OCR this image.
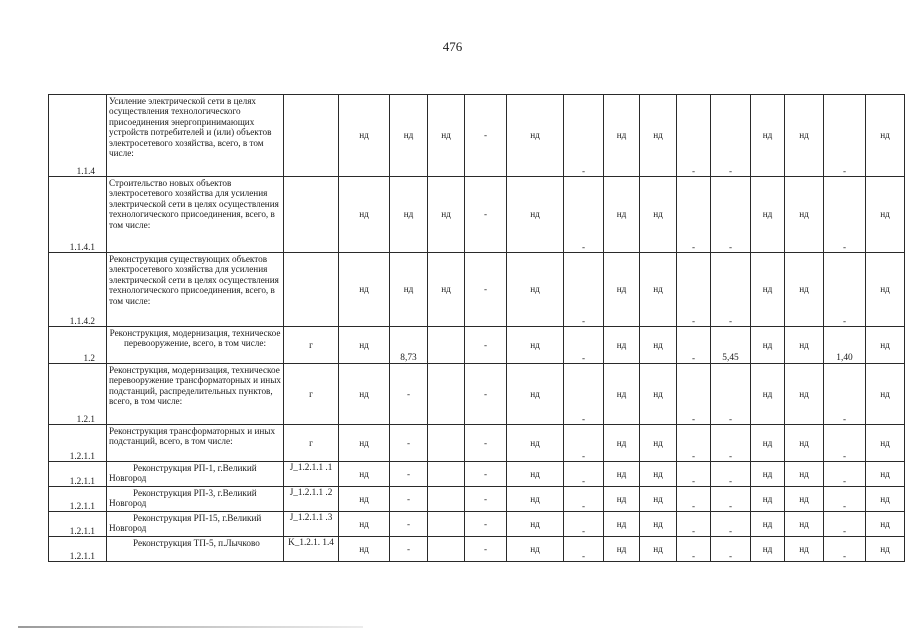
476
1.1.4	Усиление электрической сети в целях осуществления технологического присоединения энергопринимающих устройств потребителей и (или) объектов электросетевого хозяйства, всего, в том числе:		нд	нд	нд	-	нд	-	нд	нд	-	-	нд	нд	-	нд	
1.1.4.1	Строительство новых объектов электросетевого хозяйства для усиления электрической сети в целях осуществления технологического присоединения, всего, в том числе:		нд	нд	нд	-	нд	-	нд	нд	-	-	нд	нд	-	нд	
1.1.4.2	Реконструкция существующих объектов электросетевого хозяйства для усиления электрической сети в целях осуществления технологического присоединения, всего, в том числе:		нд	нд	нд	-	нд	-	нд	нд	-	-	нд	нд	-	нд	
1.2	Реконструкция, модернизация, техническое перевооружение, всего, в том числе:	г	нд	8,73		-	нд	-	нд	нд	-	5,45	нд	нд	1,40	нд	
1.2.1	Реконструкция, модернизация, техническое перевооружение трансформаторных и иных подстанций, распределительных пунктов, всего, в том числе:	г	нд	-		-	нд	-	нд	нд	-	-	нд	нд	-	нд	
1.2.1.1	Реконструкция трансформаторных и иных подстанций, всего, в том числе:	г	нд	-		-	нд	-	нд	нд	-	-	нд	нд	-	нд	
1.2.1.1	Реконструкция РП-1, г.Великий Новгород	J_1.2.1.1 .1	нд	-		-	нд	-	нд	нд	-	-	нд	нд	-	нд	
1.2.1.1	Реконструкция РП-3, г.Великий Новгород	J_1.2.1.1 .2	нд	-		-	нд	-	нд	нд	-	-	нд	нд	-	нд	
1.2.1.1	Реконструкция РП-15, г.Великий Новгород	J_1.2.1.1 .3	нд	-		-	нд	-	нд	нд	-	-	нд	нд	-	нд	
1.2.1.1	Реконструкция ТП-5, п.Лычково	K_1.2.1. 1.4	нд	-		-	нд	-	нд	нд	-	-	нд	нд	-	нд	
